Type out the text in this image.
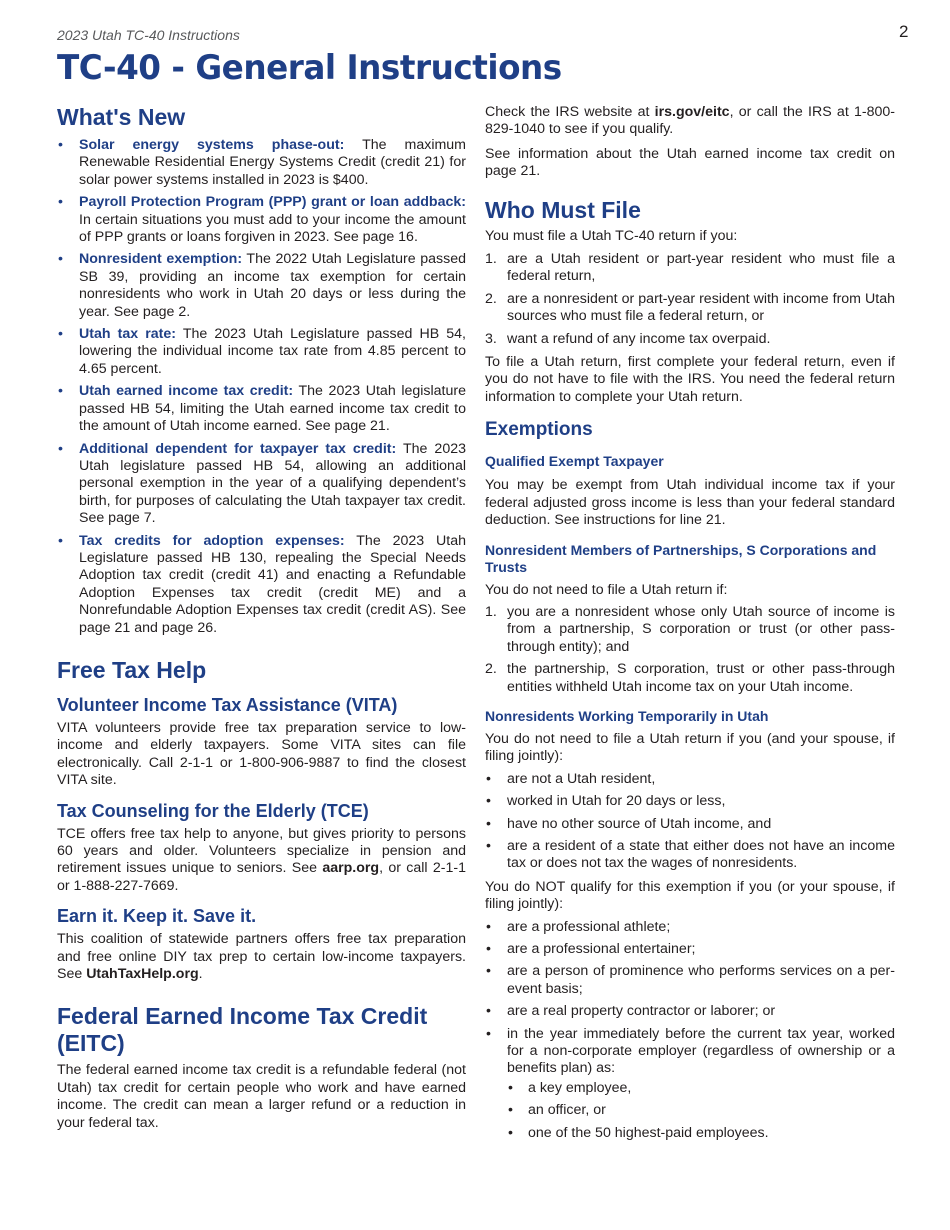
2023 Utah TC-40 Instructions	2
TC-40 - General Instructions
What's New
• Solar energy systems phase-out: The maximum Renewable Residential Energy Systems Credit (credit 21) for solar power systems installed in 2023 is $400.
• Payroll Protection Program (PPP) grant or loan addback: In certain situations you must add to your income the amount of PPP grants or loans forgiven in 2023. See page 16.
• Nonresident exemption: The 2022 Utah Legislature passed SB 39, providing an income tax exemption for certain nonresidents who work in Utah 20 days or less during the year. See page 2.
• Utah tax rate: The 2023 Utah Legislature passed HB 54, lowering the individual income tax rate from 4.85 percent to 4.65 percent.
• Utah earned income tax credit: The 2023 Utah legislature passed HB 54, limiting the Utah earned income tax credit to the amount of Utah income earned. See page 21.
• Additional dependent for taxpayer tax credit: The 2023 Utah legislature passed HB 54, allowing an additional personal exemption in the year of a qualifying dependent’s birth, for purposes of calculating the Utah taxpayer tax credit. See page 7.
• Tax credits for adoption expenses: The 2023 Utah Legislature passed HB 130, repealing the Special Needs Adoption tax credit (credit 41) and enacting a Refundable Adoption Expenses tax credit (credit ME) and a Nonrefundable Adoption Expenses tax credit (credit AS). See page 21 and page 26.
Free Tax Help
Volunteer Income Tax Assistance (VITA)

VITA volunteers provide free tax preparation service to low-income and elderly taxpayers. Some VITA sites can file electronically. Call 2-1-1 or 1-800-906-9887 to find the closest VITA site.

Tax Counseling for the Elderly (TCE)

TCE offers free tax help to anyone, but gives priority to persons 60 years and older. Volunteers specialize in pension and retirement issues unique to seniors. See aarp.org, or call 2-1-1 or 1-888-227-7669.

Earn it. Keep it. Save it.

This coalition of statewide partners offers free tax preparation and free online DIY tax prep to certain low-income taxpayers. See UtahTaxHelp.org.

Federal Earned Income Tax Credit (EITC)

The federal earned income tax credit is a refundable federal (not Utah) tax credit for certain people who work and have earned income. The credit can mean a larger refund or a reduction in your federal tax.

Check the IRS website at irs.gov/eitc, or call the IRS at 1-800-829-1040 to see if you qualify.

See information about the Utah earned income tax credit on page 21.

Who Must File

You must file a Utah TC-40 return if you:

1. are a Utah resident or part-year resident who must file a federal return,
2. are a nonresident or part-year resident with income from Utah sources who must file a federal return, or
3. want a refund of any income tax overpaid.

To file a Utah return, first complete your federal return, even if you do not have to file with the IRS. You need the federal return information to complete your Utah return.

Exemptions
Qualified Exempt Taxpayer

You may be exempt from Utah individual income tax if your federal adjusted gross income is less than your federal standard deduction. See instructions for line 21.

Nonresident Members of Partnerships, S Corporations and Trusts

You do not need to file a Utah return if:

1. you are a nonresident whose only Utah source of income is from a partnership, S corporation or trust (or other pass-through entity); and
2. the partnership, S corporation, trust or other pass-through entities withheld Utah income tax on your Utah income.
Nonresidents Working Temporarily in Utah

You do not need to file a Utah return if you (and your spouse, if filing jointly):

• are not a Utah resident,
• worked in Utah for 20 days or less,
• have no other source of Utah income, and
• are a resident of a state that either does not have an income tax or does not tax the wages of nonresidents.

You do NOT qualify for this exemption if you (or your spouse, if filing jointly):

• are a professional athlete;
• are a professional entertainer;
• are a person of prominence who performs services on a per-event basis;
• are a real property contractor or laborer; or
• in the year immediately before the current tax year, worked for a non-corporate employer (regardless of ownership or a benefits plan) as:
• a key employee,
• an officer, or
• one of the 50 highest-paid employees.
